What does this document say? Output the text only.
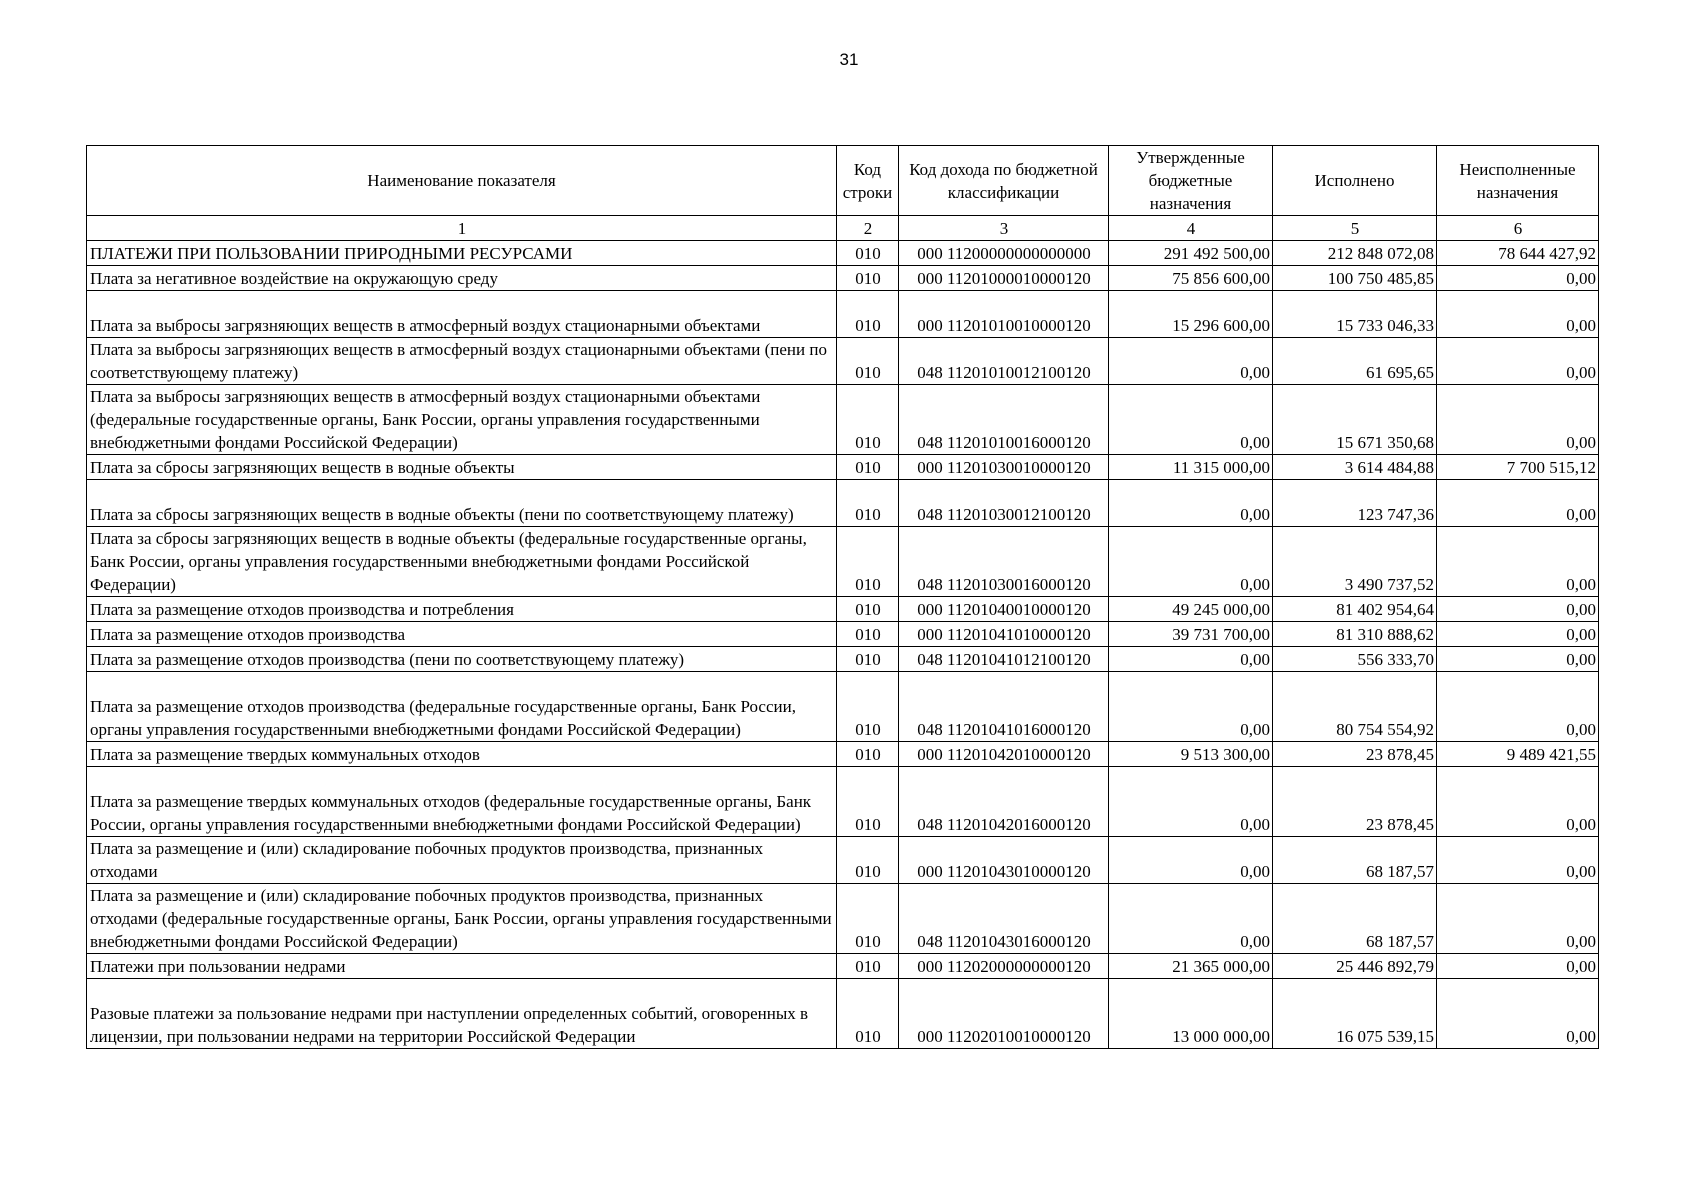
31
Наименование показателя	Код строки	Код дохода по бюджетной классификации	Утвержденные бюджетные назначения	Исполнено	Неисполненные назначения
1	2	3	4	5	6
ПЛАТЕЖИ ПРИ ПОЛЬЗОВАНИИ ПРИРОДНЫМИ РЕСУРСАМИ	010	000 11200000000000000	291 492 500,00	212 848 072,08	78 644 427,92
Плата за негативное воздействие на окружающую среду	010	000 11201000010000120	75 856 600,00	100 750 485,85	0,00
Плата за выбросы загрязняющих веществ в атмосферный воздух стационарными объектами	010	000 11201010010000120	15 296 600,00	15 733 046,33	0,00
Плата за выбросы загрязняющих веществ в атмосферный воздух стационарными объектами (пени по соответствующему платежу)	010	048 11201010012100120	0,00	61 695,65	0,00
Плата за выбросы загрязняющих веществ в атмосферный воздух стационарными объектами (федеральные государственные органы, Банк России, органы управления государственными внебюджетными фондами Российской Федерации)	010	048 11201010016000120	0,00	15 671 350,68	0,00
Плата за сбросы загрязняющих веществ в водные объекты	010	000 11201030010000120	11 315 000,00	3 614 484,88	7 700 515,12
Плата за сбросы загрязняющих веществ в водные объекты (пени по соответствующему платежу)	010	048 11201030012100120	0,00	123 747,36	0,00
Плата за сбросы загрязняющих веществ в водные объекты (федеральные государственные органы, Банк России, органы управления государственными внебюджетными фондами Российской Федерации)	010	048 11201030016000120	0,00	3 490 737,52	0,00
Плата за размещение отходов производства и потребления	010	000 11201040010000120	49 245 000,00	81 402 954,64	0,00
Плата за размещение отходов производства	010	000 11201041010000120	39 731 700,00	81 310 888,62	0,00
Плата за размещение отходов производства (пени по соответствующему платежу)	010	048 11201041012100120	0,00	556 333,70	0,00
Плата за размещение отходов производства (федеральные государственные органы, Банк России, органы управления государственными внебюджетными фондами Российской Федерации)	010	048 11201041016000120	0,00	80 754 554,92	0,00
Плата за размещение твердых коммунальных отходов	010	000 11201042010000120	9 513 300,00	23 878,45	9 489 421,55
Плата за размещение твердых коммунальных отходов (федеральные государственные органы, Банк России, органы управления государственными внебюджетными фондами Российской Федерации)	010	048 11201042016000120	0,00	23 878,45	0,00
Плата за размещение и (или) складирование побочных продуктов производства, признанных отходами	010	000 11201043010000120	0,00	68 187,57	0,00
Плата за размещение и (или) складирование побочных продуктов производства, признанных отходами (федеральные государственные органы, Банк России, органы управления государственными внебюджетными фондами Российской Федерации)	010	048 11201043016000120	0,00	68 187,57	0,00
Платежи при пользовании недрами	010	000 11202000000000120	21 365 000,00	25 446 892,79	0,00
Разовые платежи за пользование недрами при наступлении определенных событий, оговоренных в лицензии, при пользовании недрами на территории Российской Федерации	010	000 11202010010000120	13 000 000,00	16 075 539,15	0,00
